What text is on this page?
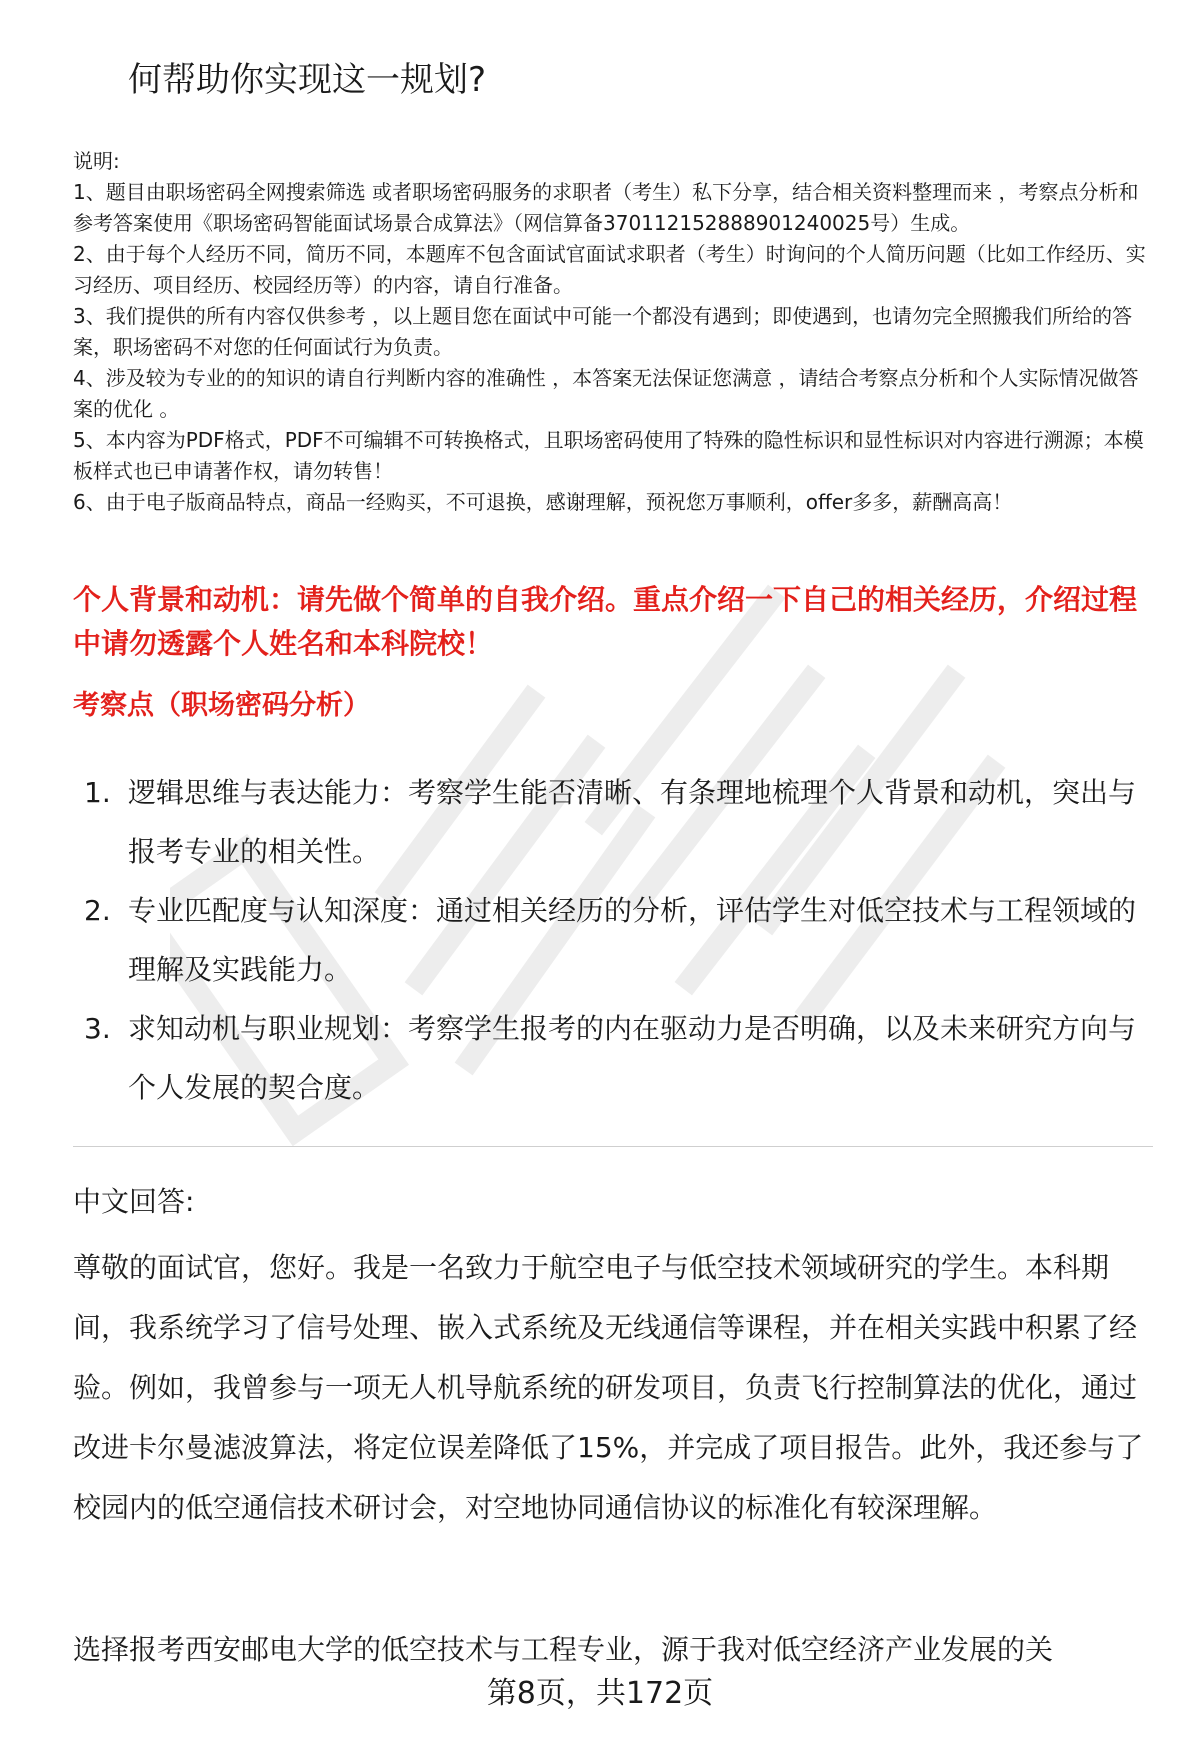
何帮助你实现这一规划?

说明:

1、题目由职场密码全网搜索筛选 或者职场密码服务的求职者（考生）私下分享，结合相关资料整理而来 ，考察点分析和参考答案使用《职场密码智能面试场景合成算法》（网信算备370112152888901240025号）生成。

2、由于每个人经历不同，简历不同，本题库不包含面试官面试求职者（考生）时询问的个人简历问题（比如工作经历、实习经历、项目经历、校园经历等）的内容，请自行准备。

3、我们提供的所有内容仅供参考 ，以上题目您在面试中可能一个都没有遇到；即使遇到，也请勿完全照搬我们所给的答案，职场密码不对您的任何面试行为负责。

4、涉及较为专业的的知识的请自行判断内容的准确性 ，本答案无法保证您满意 ，请结合考察点分析和个人实际情况做答案的优化 。

5、本内容为PDF格式，PDF不可编辑不可转换格式，且职场密码使用了特殊的隐性标识和显性标识对内容进行溯源；本模板样式也已申请著作权，请勿转售！

6、由于电子版商品特点，商品一经购买，不可退换，感谢理解，预祝您万事顺利，offer多多，薪酬高高！

个人背景和动机：请先做个简单的自我介绍。重点介绍一下自己的相关经历，介绍过程中请勿透露个人姓名和本科院校！

考察点（职场密码分析）

1. 逻辑思维与表达能力：考察学生能否清晰、有条理地梳理个人背景和动机，突出与报考专业的相关性。
2. 专业匹配度与认知深度：通过相关经历的分析，评估学生对低空技术与工程领域的理解及实践能力。
3. 求知动机与职业规划：考察学生报考的内在驱动力是否明确，以及未来研究方向与个人发展的契合度。

中文回答:

尊敬的面试官，您好。我是一名致力于航空电子与低空技术领域研究的学生。本科期间，我系统学习了信号处理、嵌入式系统及无线通信等课程，并在相关实践中积累了经验。例如，我曾参与一项无人机导航系统的研发项目，负责飞行控制算法的优化，通过改进卡尔曼滤波算法，将定位误差降低了15%，并完成了项目报告。此外，我还参与了校园内的低空通信技术研讨会，对空地协同通信协议的标准化有较深理解。

选择报考西安邮电大学的低空技术与工程专业，源于我对低空经济产业发展的关

第8页，共172页
